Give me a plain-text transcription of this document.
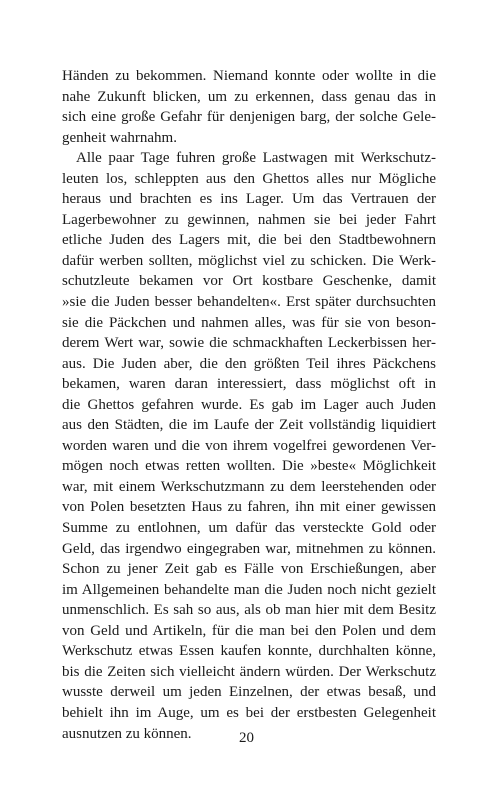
Händen zu bekommen. Niemand konnte oder wollte in die
nahe Zukunft blicken, um zu erkennen, dass genau das in
sich eine große Gefahr für denjenigen barg, der solche Gele-
genheit wahrnahm.
Alle paar Tage fuhren große Lastwagen mit Werkschutz-
leuten los, schleppten aus den Ghettos alles nur Mögliche
heraus und brachten es ins Lager. Um das Vertrauen der
Lagerbewohner zu gewinnen, nahmen sie bei jeder Fahrt
etliche Juden des Lagers mit, die bei den Stadtbewohnern
dafür werben sollten, möglichst viel zu schicken. Die Werk-
schutzleute bekamen vor Ort kostbare Geschenke, damit
»sie die Juden besser behandelten«. Erst später durchsuchten
sie die Päckchen und nahmen alles, was für sie von beson-
derem Wert war, sowie die schmackhaften Leckerbissen her-
aus. Die Juden aber, die den größten Teil ihres Päckchens
bekamen, waren daran interessiert, dass möglichst oft in
die Ghettos gefahren wurde. Es gab im Lager auch Juden
aus den Städten, die im Laufe der Zeit vollständig liquidiert
worden waren und die von ihrem vogelfrei gewordenen Ver-
mögen noch etwas retten wollten. Die »beste« Möglichkeit
war, mit einem Werkschutzmann zu dem leerstehenden oder
von Polen besetzten Haus zu fahren, ihn mit einer gewissen
Summe zu entlohnen, um dafür das versteckte Gold oder
Geld, das irgendwo eingegraben war, mitnehmen zu können.
Schon zu jener Zeit gab es Fälle von Erschießungen, aber
im Allgemeinen behandelte man die Juden noch nicht gezielt
unmenschlich. Es sah so aus, als ob man hier mit dem Besitz
von Geld und Artikeln, für die man bei den Polen und dem
Werkschutz etwas Essen kaufen konnte, durchhalten könne,
bis die Zeiten sich vielleicht ändern würden. Der Werkschutz
wusste derweil um jeden Einzelnen, der etwas besaß, und
behielt ihn im Auge, um es bei der erstbesten Gelegenheit
ausnutzen zu können.	20
